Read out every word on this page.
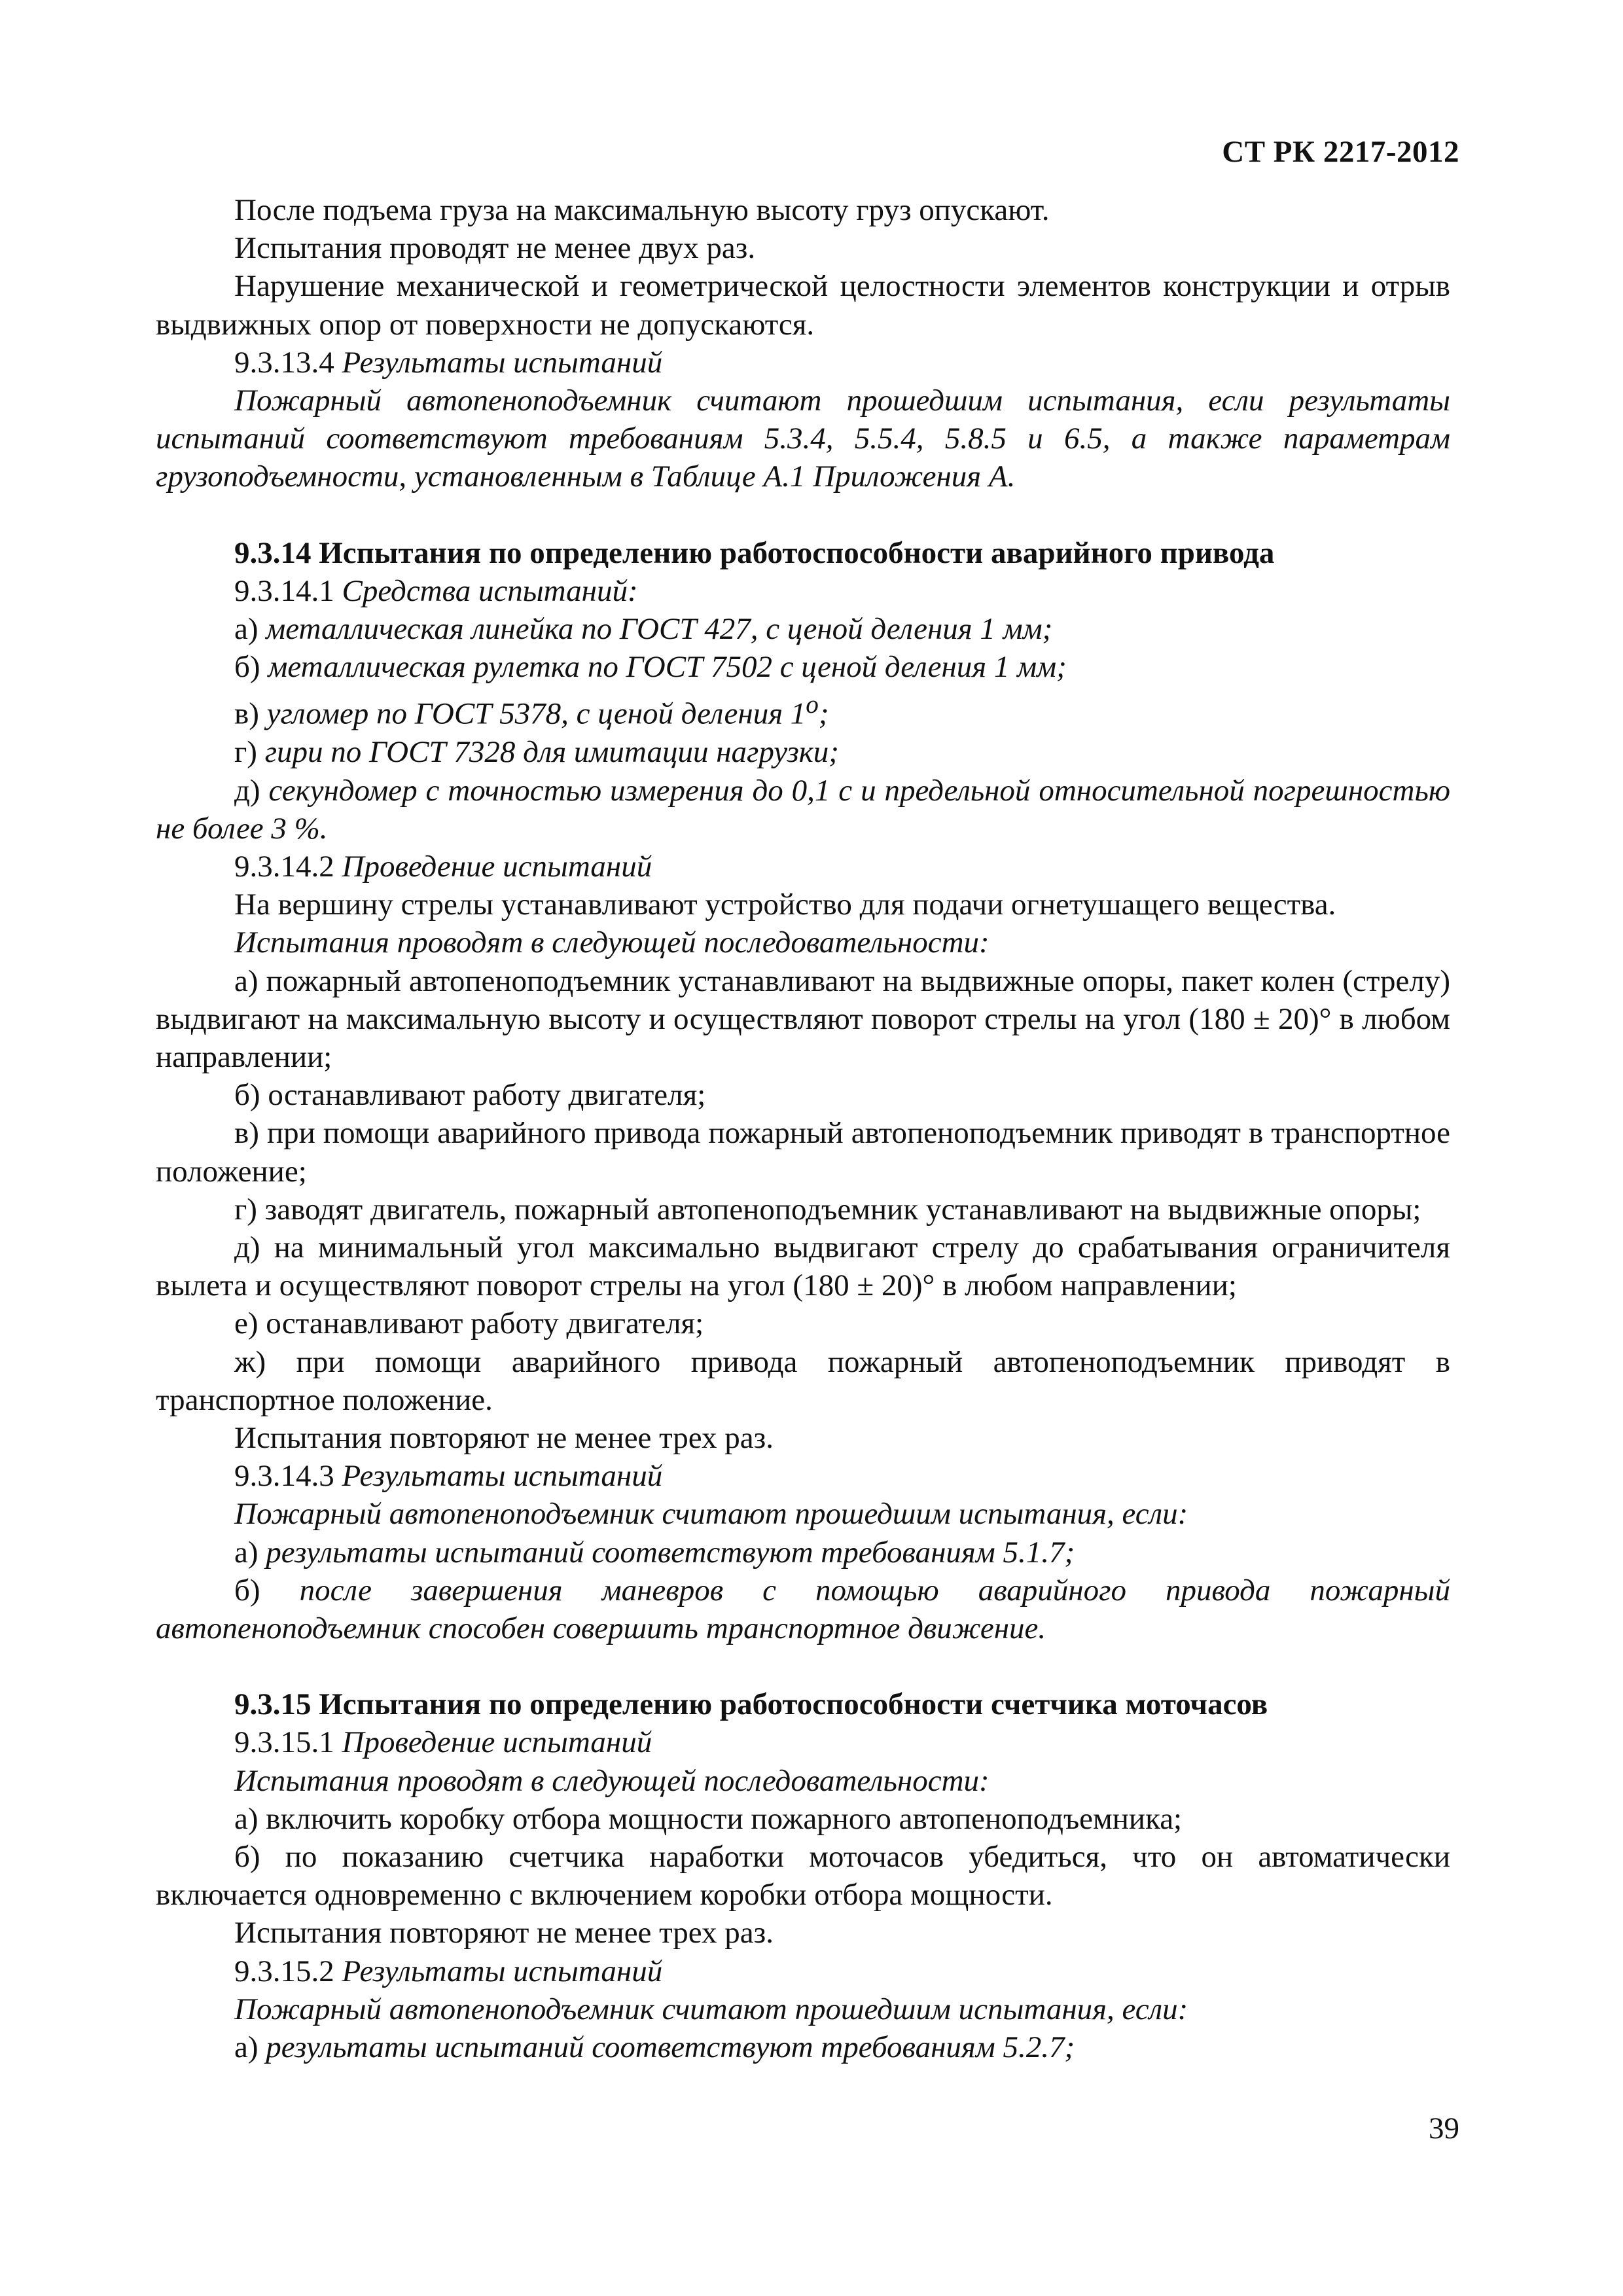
СТ РК 2217-2012

После подъема груза на максимальную высоту груз опускают.

Испытания проводят не менее двух раз.

Нарушение механической и геометрической целостности элементов конструкции и отрыв выдвижных опор от поверхности не допускаются.

9.3.13.4 Результаты испытаний

Пожарный автопеноподъемник считают прошедшим испытания, если результаты испытаний соответствуют требованиям 5.3.4, 5.5.4, 5.8.5 и 6.5, а также параметрам грузоподъемности, установленным в Таблице А.1 Приложения А.

9.3.14 Испытания по определению работоспособности аварийного привода

9.3.14.1 Средства испытаний:

а) металлическая линейка по ГОСТ 427, с ценой деления 1 мм;

б) металлическая рулетка по ГОСТ 7502 с ценой деления 1 мм;

в) угломер по ГОСТ 5378, с ценой деления 1$^o$;

г) гири по ГОСТ 7328 для имитации нагрузки;

д) секундомер с точностью измерения до 0,1 с и предельной относительной погрешностью не более 3 %.

9.3.14.2 Проведение испытаний

На вершину стрелы устанавливают устройство для подачи огнетушащего вещества.

Испытания проводят в следующей последовательности:

а) пожарный автопеноподъемник устанавливают на выдвижные опоры, пакет колен (стрелу) выдвигают на максимальную высоту и осуществляют поворот стрелы на угол (180 ± 20)° в любом направлении;

б) останавливают работу двигателя;

в) при помощи аварийного привода пожарный автопеноподъемник приводят в транспортное положение;

г) заводят двигатель, пожарный автопеноподъемник устанавливают на выдвижные опоры;

д) на минимальный угол максимально выдвигают стрелу до срабатывания ограничителя вылета и осуществляют поворот стрелы на угол (180 ± 20)° в любом направлении;

е) останавливают работу двигателя;

ж) при помощи аварийного привода пожарный автопеноподъемник приводят в транспортное положение.

Испытания повторяют не менее трех раз.

9.3.14.3 Результаты испытаний

Пожарный автопеноподъемник считают прошедшим испытания, если:

а) результаты испытаний соответствуют требованиям 5.1.7;

б) после завершения маневров с помощью аварийного привода пожарный автопеноподъемник способен совершить транспортное движение.

9.3.15 Испытания по определению работоспособности счетчика моточасов

9.3.15.1 Проведение испытаний

Испытания проводят в следующей последовательности:

а) включить коробку отбора мощности пожарного автопеноподъемника;

б) по показанию счетчика наработки моточасов убедиться, что он автоматически включается одновременно с включением коробки отбора мощности.

Испытания повторяют не менее трех раз.

9.3.15.2 Результаты испытаний

Пожарный автопеноподъемник считают прошедшим испытания, если:

а) результаты испытаний соответствуют требованиям 5.2.7;

39
